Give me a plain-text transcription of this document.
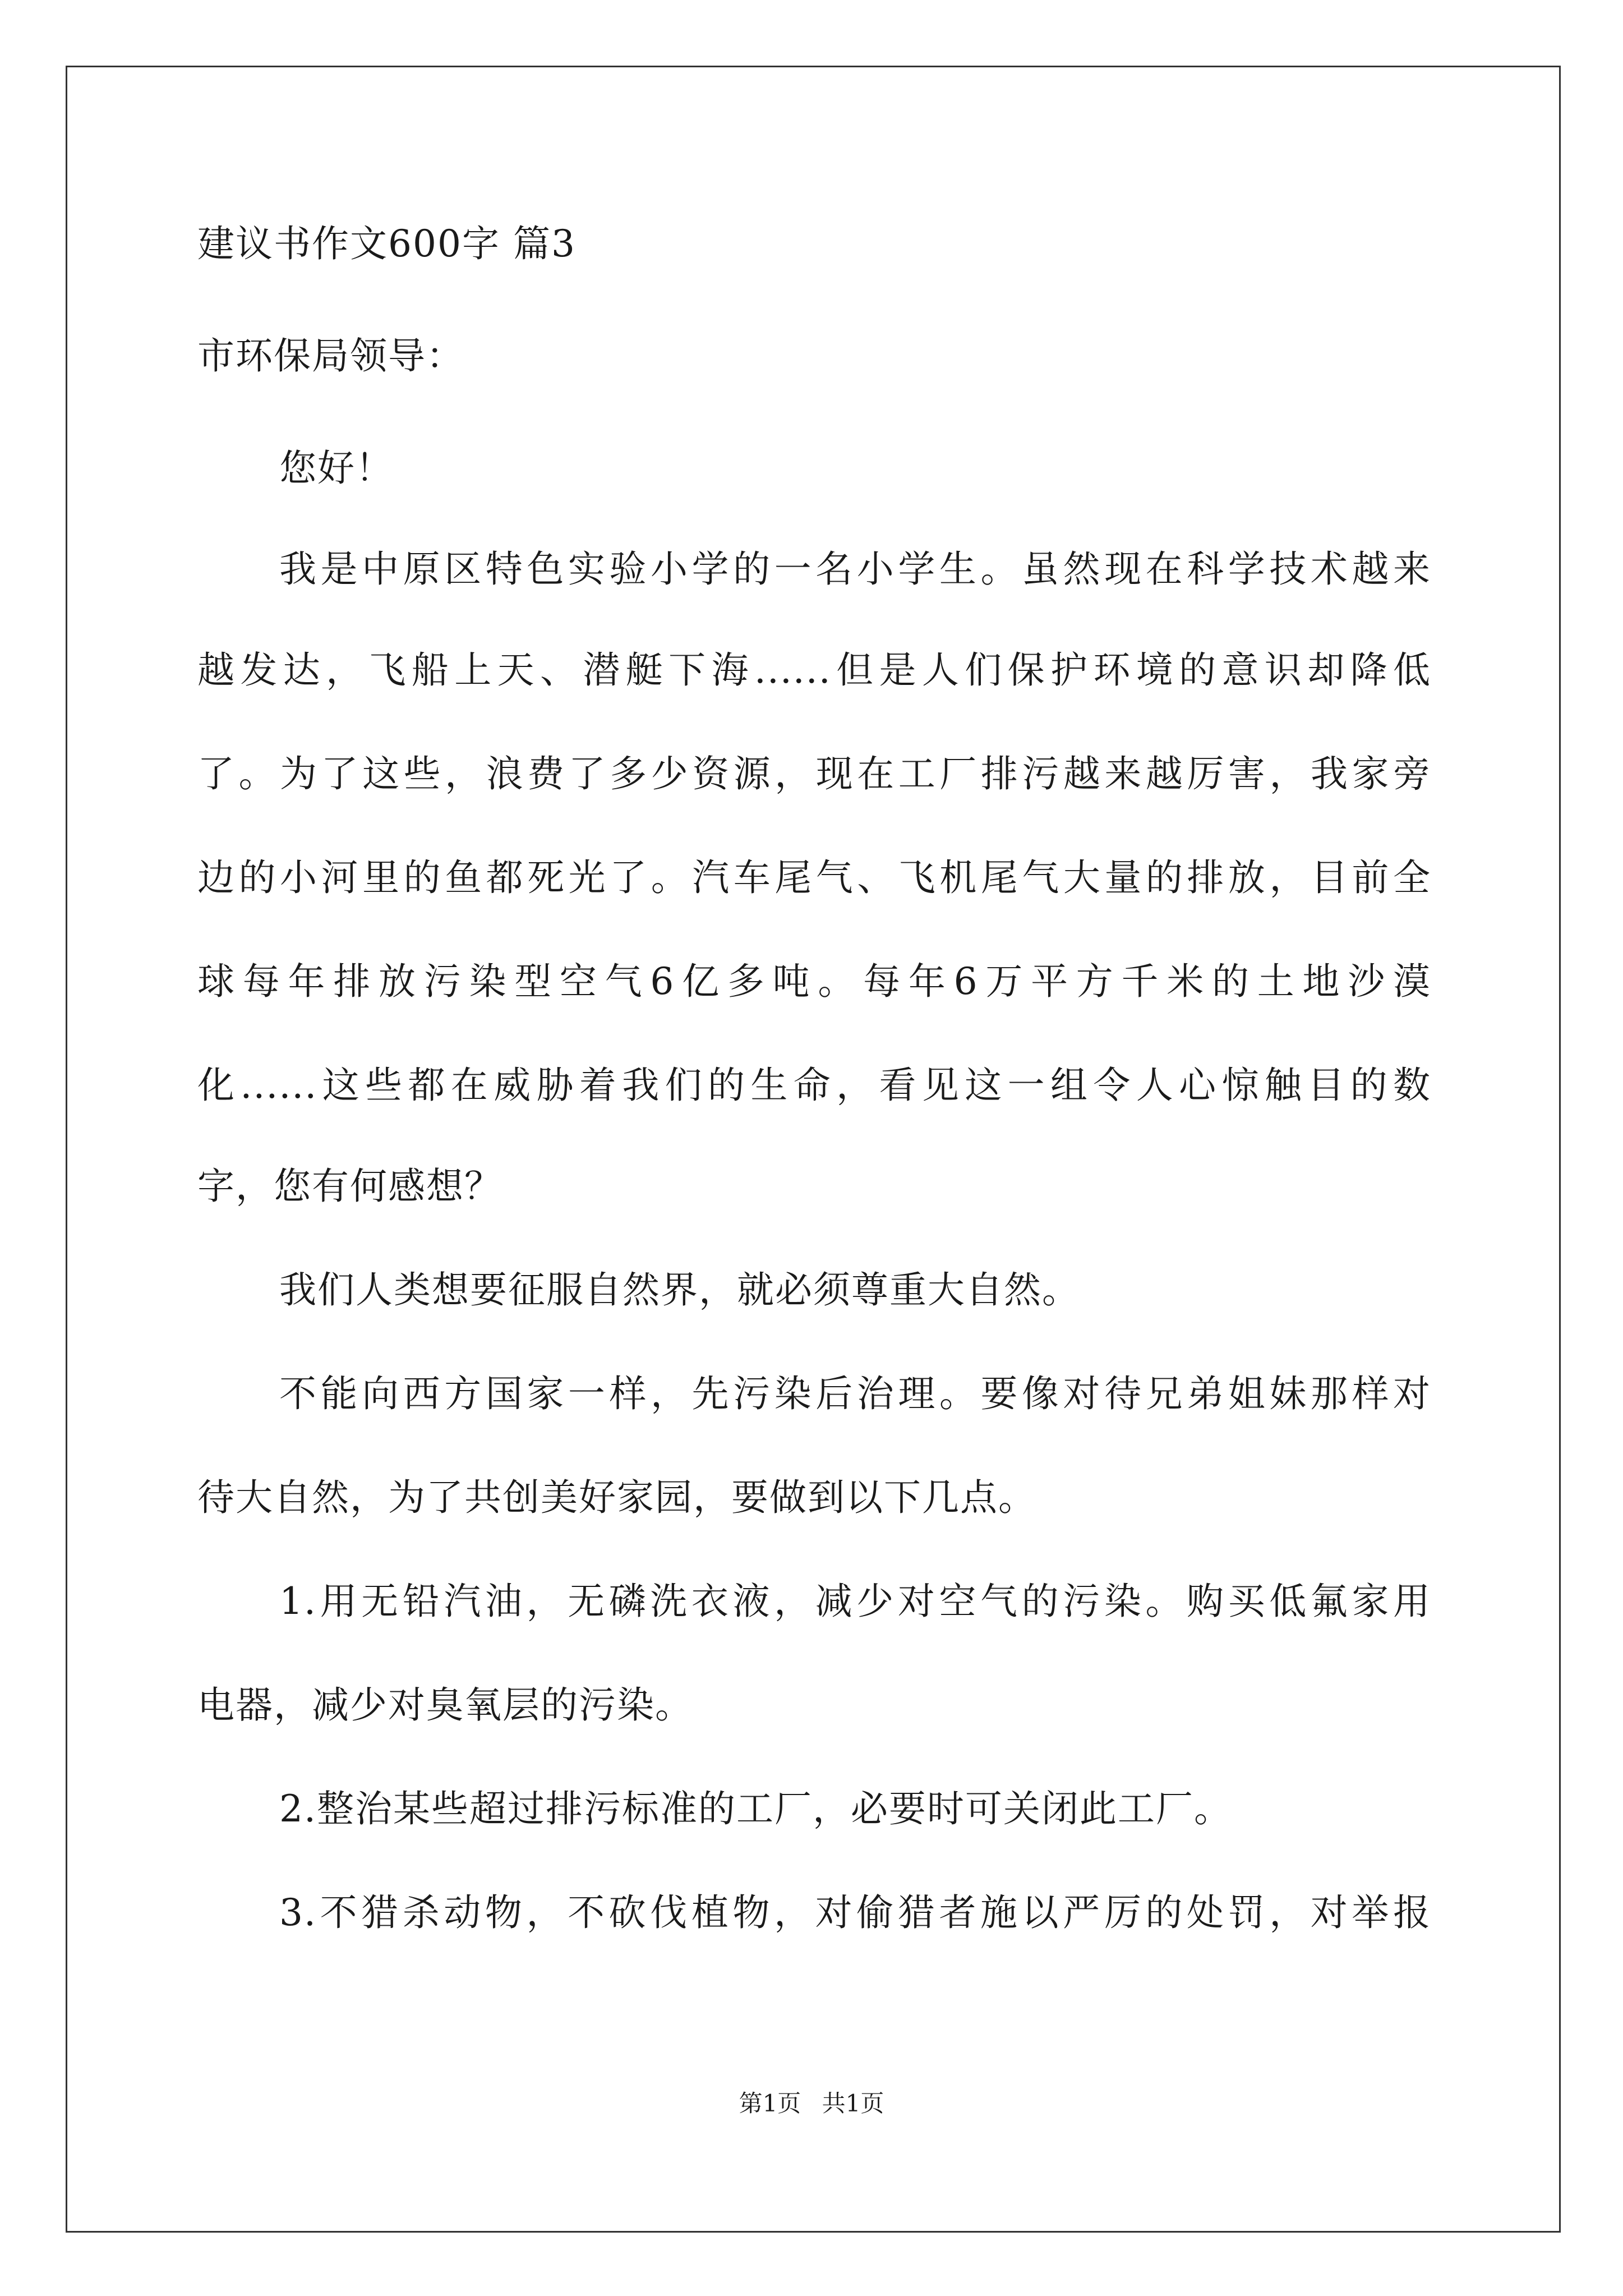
建议书作文600字 篇3
市环保局领导：
您好！
我是中原区特色实验小学的一名小学生。虽然现在科学技术越来
越发达，飞船上天、潜艇下海......但是人们保护环境的意识却降低
了。为了这些，浪费了多少资源，现在工厂排污越来越厉害，我家旁
边的小河里的鱼都死光了。汽车尾气、飞机尾气大量的排放，目前全
球每年排放污染型空气6亿多吨。每年6万平方千米的土地沙漠
化......这些都在威胁着我们的生命，看见这一组令人心惊触目的数
字，您有何感想？
我们人类想要征服自然界，就必须尊重大自然。
不能向西方国家一样，先污染后治理。要像对待兄弟姐妹那样对
待大自然，为了共创美好家园，要做到以下几点。
1.用无铅汽油，无磷洗衣液，减少对空气的污染。购买低氟家用
电器，减少对臭氧层的污染。
2.整治某些超过排污标准的工厂，必要时可关闭此工厂。
3.不猎杀动物，不砍伐植物，对偷猎者施以严厉的处罚，对举报
第1页 共1页
